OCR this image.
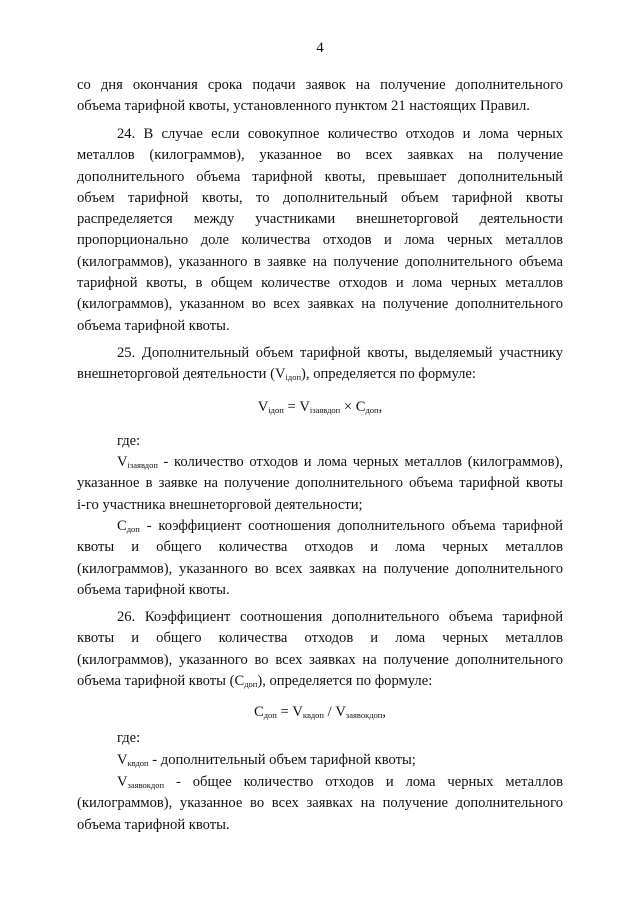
4
со дня окончания срока подачи заявок на получение дополнительного
объема тарифной квоты, установленного пунктом 21 настоящих Правил.
24. В случае если совокупное количество отходов и лома черных
металлов (килограммов), указанное во всех заявках на получение
дополнительного объема тарифной квоты, превышает дополнительный
объем тарифной квоты, то дополнительный объем тарифной квоты
распределяется между участниками внешнеторговой деятельности
пропорционально доле количества отходов и лома черных металлов
(килограммов), указанного в заявке на получение дополнительного объема
тарифной квоты, в общем количестве отходов и лома черных металлов
(килограммов), указанном во всех заявках на получение дополнительного
объема тарифной квоты.
25. Дополнительный объем тарифной квоты, выделяемый участнику
внешнеторговой деятельности $(V_{iдоп})$, определяется по формуле:
$V_{iдоп} = V_{iзаявдоп} \times С_{доп}$,
где:
$V_{iзаявдоп}$ - количество отходов и лома черных металлов (килограммов),
указанное в заявке на получение дополнительного объема тарифной квоты
i-го участника внешнеторговой деятельности;
$С_{доп}$ - коэффициент соотношения дополнительного объема тарифной
квоты и общего количества отходов и лома черных металлов
(килограммов), указанного во всех заявках на получение дополнительного
объема тарифной квоты.
26. Коэффициент соотношения дополнительного объема тарифной
квоты и общего количества отходов и лома черных металлов
(килограммов), указанного во всех заявках на получение дополнительного
объема тарифной квоты $(С_{доп})$, определяется по формуле:
$С_{доп} = V_{квдоп} / V_{заявокдоп}$,
где:
$V_{квдоп}$ - дополнительный объем тарифной квоты;
$V_{заявокдоп}$ - общее количество отходов и лома черных металлов
(килограммов), указанное во всех заявках на получение дополнительного
объема тарифной квоты.
